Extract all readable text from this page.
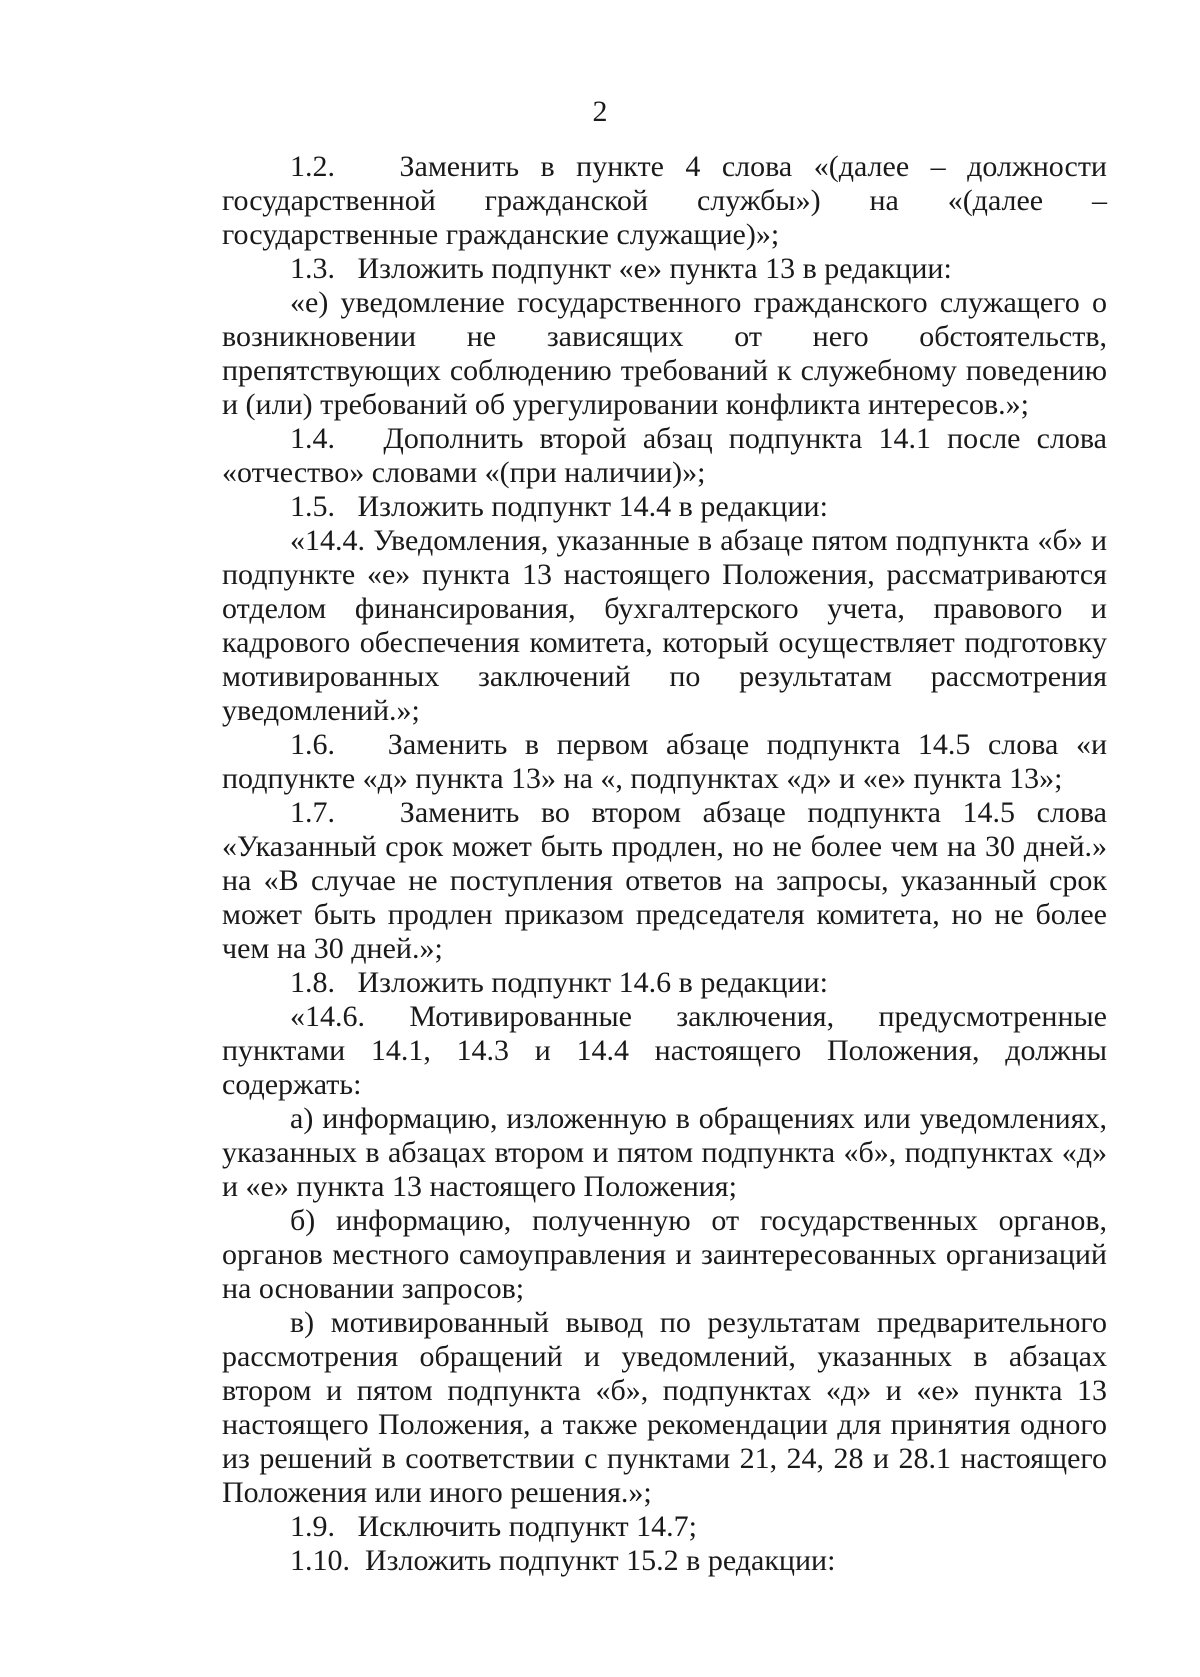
2

1.2.   Заменить в пункте 4 слова «(далее – должности государственной гражданской службы») на «(далее – государственные гражданские служащие)»;

1.3.   Изложить подпункт «е» пункта 13 в редакции:

«е) уведомление государственного гражданского служащего о возникновении не зависящих от него обстоятельств, препятствующих соблюдению требований к служебному поведению и (или) требований об урегулировании конфликта интересов.»;

1.4.   Дополнить второй абзац подпункта 14.1 после слова «отчество» словами «(при наличии)»;

1.5.   Изложить подпункт 14.4 в редакции:

«14.4. Уведомления, указанные в абзаце пятом подпункта «б» и подпункте «е» пункта 13 настоящего Положения, рассматриваются отделом финансирования, бухгалтерского учета, правового и кадрового обеспечения комитета, который осуществляет подготовку мотивированных заключений по результатам рассмотрения уведомлений.»;

1.6.   Заменить в первом абзаце подпункта 14.5 слова «и подпункте «д» пункта 13» на «, подпунктах «д» и «е» пункта 13»;

1.7.   Заменить во втором абзаце подпункта 14.5 слова «Указанный срок может быть продлен, но не более чем на 30 дней.» на «В случае не поступления ответов на запросы, указанный срок может быть продлен приказом председателя комитета, но не более чем на 30 дней.»;

1.8.   Изложить подпункт 14.6 в редакции:

«14.6. Мотивированные заключения, предусмотренные пунктами 14.1, 14.3 и 14.4 настоящего Положения, должны содержать:

а) информацию, изложенную в обращениях или уведомлениях, указанных в абзацах втором и пятом подпункта «б», подпунктах «д» и «е» пункта 13 настоящего Положения;

б) информацию, полученную от государственных органов, органов местного самоуправления и заинтересованных организаций на основании запросов;

в) мотивированный вывод по результатам предварительного рассмотрения обращений и уведомлений, указанных в абзацах втором и пятом подпункта «б», подпунктах «д» и «е» пункта 13 настоящего Положения, а также рекомендации для принятия одного из решений в соответствии с пунктами 21, 24, 28 и 28.1 настоящего Положения или иного решения.»;

1.9.   Исключить подпункт 14.7;

1.10.  Изложить подпункт 15.2 в редакции:
